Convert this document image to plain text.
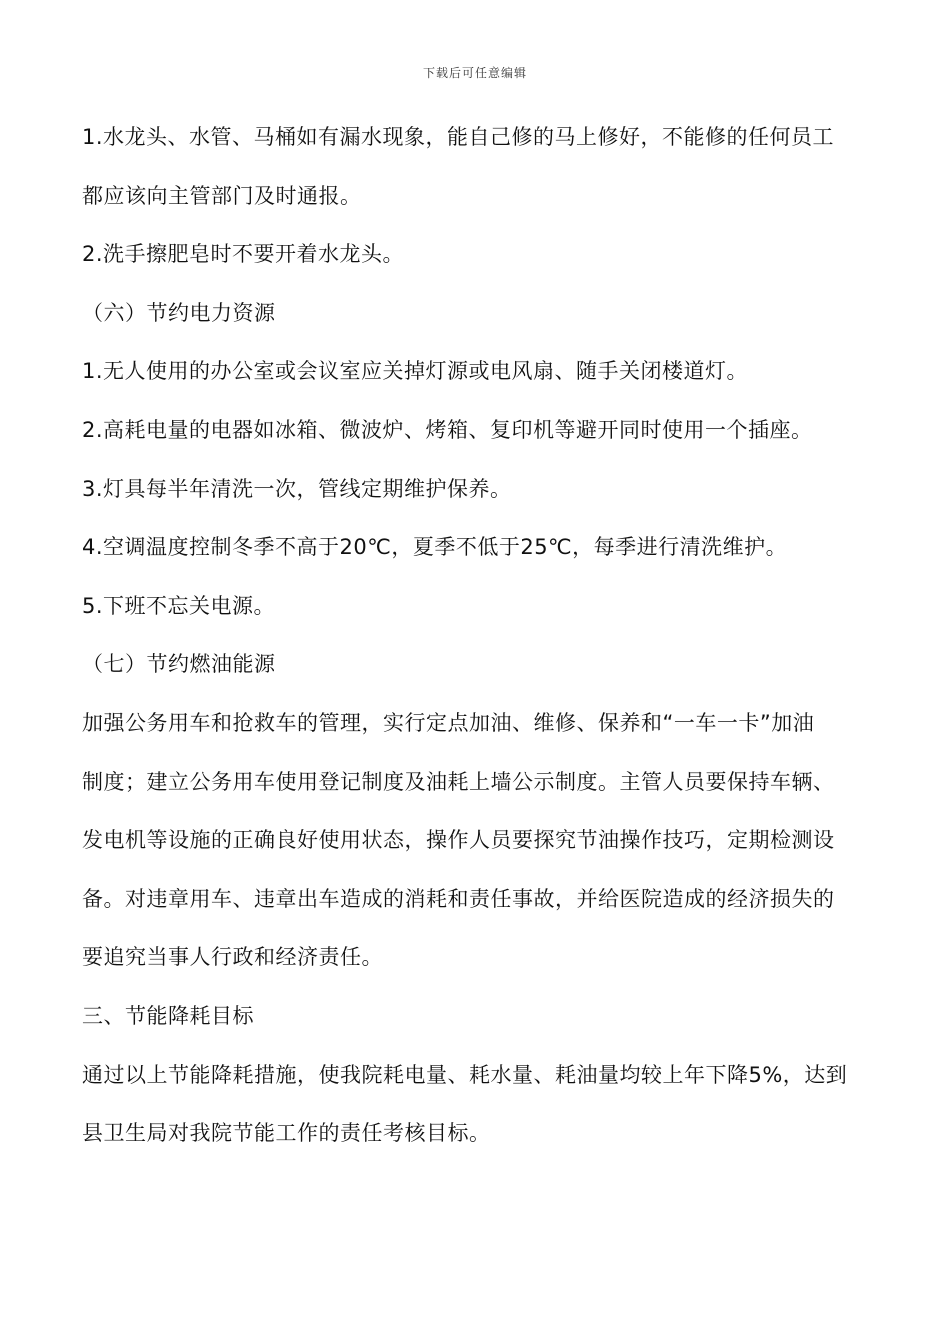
下载后可任意编辑
1.水龙头、水管、马桶如有漏水现象，能自己修的马上修好，不能修的任何员工
都应该向主管部门及时通报。
2.洗手擦肥皂时不要开着水龙头。
（六）节约电力资源
1.无人使用的办公室或会议室应关掉灯源或电风扇、随手关闭楼道灯。
2.高耗电量的电器如冰箱、微波炉、烤箱、复印机等避开同时使用一个插座。
3.灯具每半年清洗一次，管线定期维护保养。
4.空调温度控制冬季不高于20℃，夏季不低于25℃，每季进行清洗维护。
5.下班不忘关电源。
（七）节约燃油能源
加强公务用车和抢救车的管理，实行定点加油、维修、保养和“一车一卡”加油
制度；建立公务用车使用登记制度及油耗上墙公示制度。主管人员要保持车辆、
发电机等设施的正确良好使用状态，操作人员要探究节油操作技巧，定期检测设
备。对违章用车、违章出车造成的消耗和责任事故，并给医院造成的经济损失的
要追究当事人行政和经济责任。
三、节能降耗目标
通过以上节能降耗措施，使我院耗电量、耗水量、耗油量均较上年下降5%，达到
县卫生局对我院节能工作的责任考核目标。
